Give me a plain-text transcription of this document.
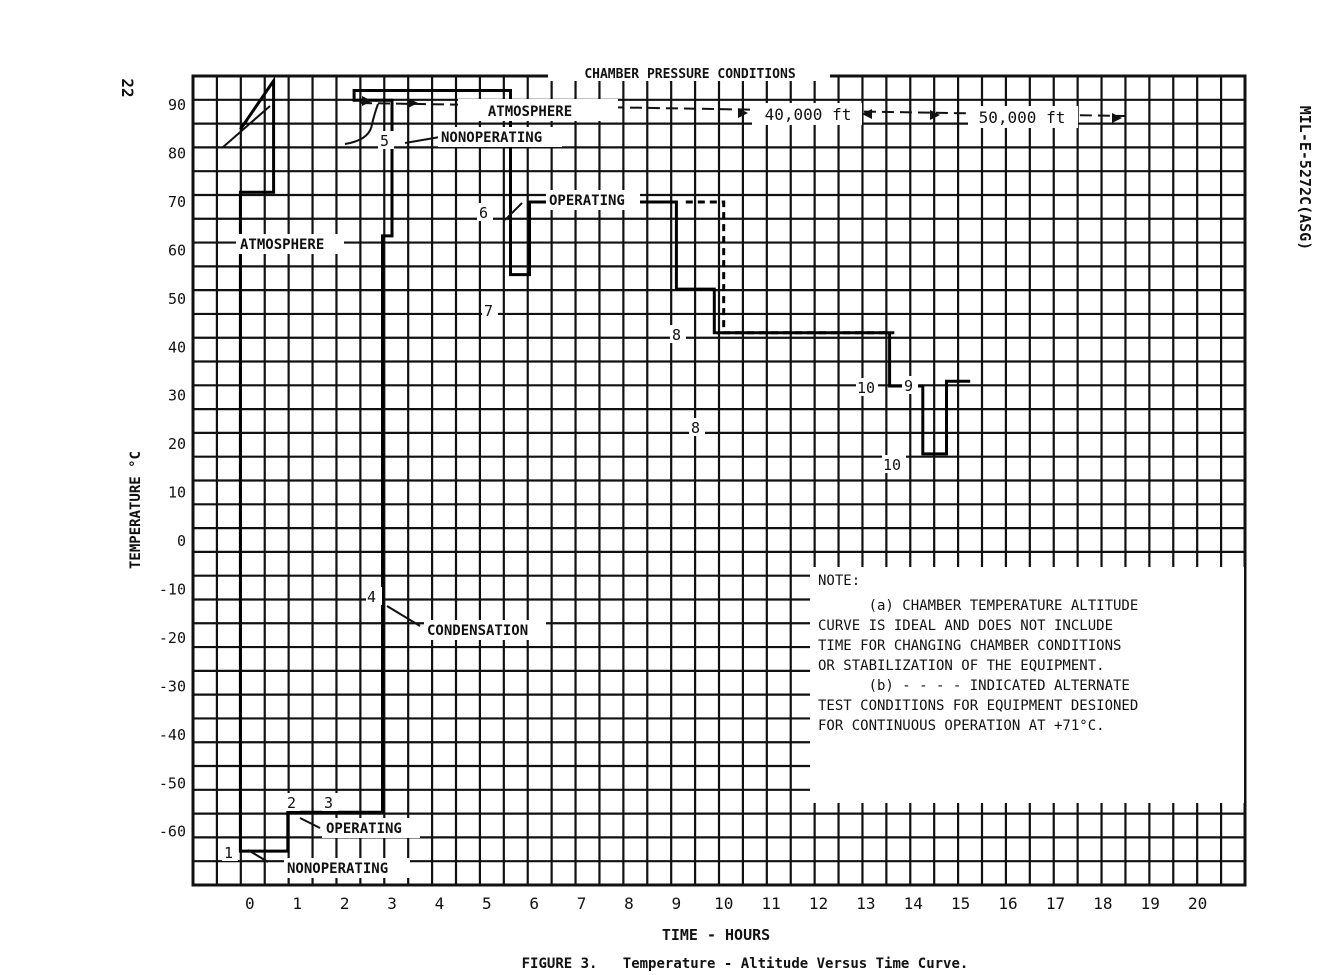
CHAMBER PRESSURE CONDITIONS
ATMOSPHERE	40,000 ft	50,000 ft
ATMOSPHERE
NONOPERATING
OPERATING
CONDENSATION
OPERATING
NONOPERATING
1
2 3
4
5
6
7
8
8
10 9
10
NOTE:
(a) CHAMBER TEMPERATURE ALTITUDE
CURVE IS IDEAL AND DOES NOT INCLUDE
TIME FOR CHANGING CHAMBER CONDITIONS
OR STABILIZATION OF THE EQUIPMENT.
(b) - - - - INDICATED ALTERNATE
TEST CONDITIONS FOR EQUIPMENT DESIONED
FOR CONTINUOUS OPERATION AT +71°C.
90
80
70
60
50
40
30
20
10
0
-10
-20
-30
-40
-50
-60
0 1 2 3 4 5 6 7 8 9 10 11 12 13 14 15 16 17 18 19 20
TEMPERATURE °C
TIME - HOURS
22
MIL-E-5272C(ASG)
FIGURE 3.   Temperature - Altitude Versus Time Curve.
